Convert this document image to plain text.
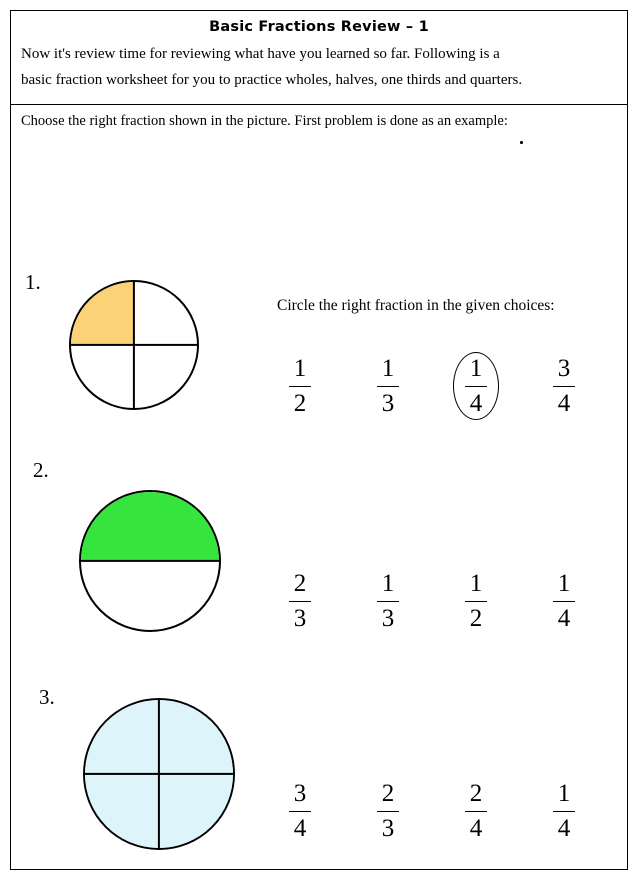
Basic Fractions Review – 1
Now it's review time for reviewing what have you learned so far. Following is a
basic fraction worksheet for you to practice wholes, halves, one thirds and quarters.
Choose the right fraction shown in the picture. First problem is done as an example:
1.
Circle the right fraction in the given choices:
$\frac{1}{2}$	$\frac{1}{3}$	$\frac{1}{4}$	$\frac{3}{4}$
2.
$\frac{2}{3}$	$\frac{1}{3}$	$\frac{1}{2}$	$\frac{1}{4}$
3.
$\frac{3}{4}$	$\frac{2}{3}$	$\frac{2}{4}$	$\frac{1}{4}$
